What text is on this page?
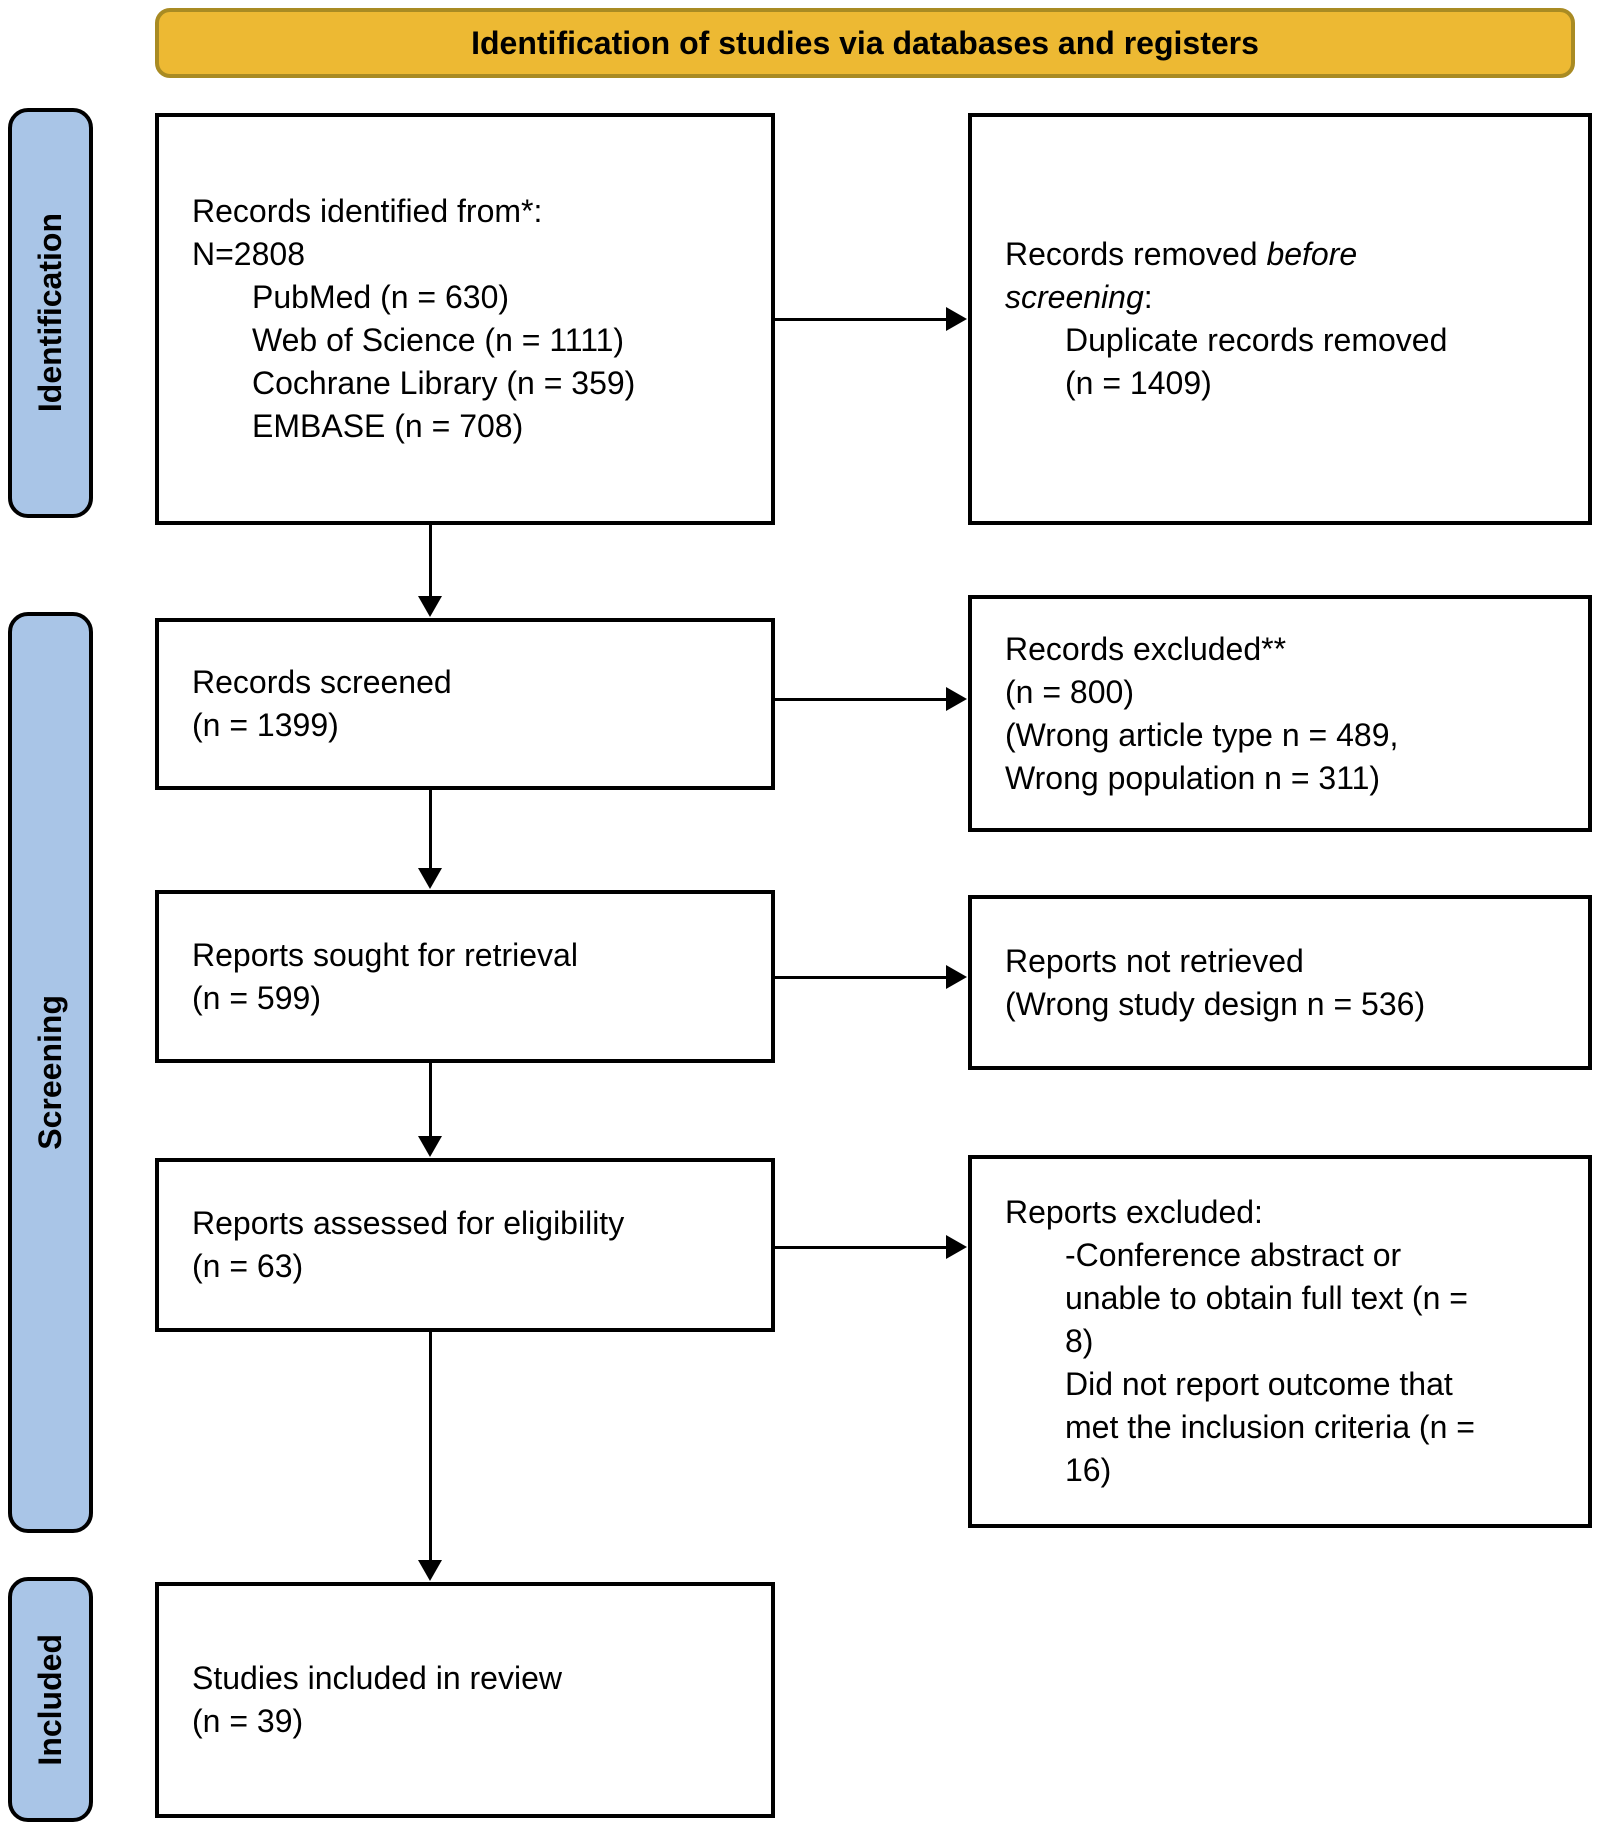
Identification of studies via databases and registers
Identification
Screening
Included
Records identified from*:
N=2808
PubMed (n = 630)
Web of Science (n = 1111)
Cochrane Library (n = 359)
EMBASE (n = 708)
Records screened
(n = 1399)
Reports sought for retrieval
(n = 599)
Reports assessed for eligibility
(n = 63)
Studies included in review
(n = 39)
Records removed before
screening:
Duplicate records removed
(n = 1409)
Records excluded**
(n = 800)
(Wrong article type n = 489,
Wrong population n = 311)
Reports not retrieved
(Wrong study design n = 536)
Reports excluded:
-Conference abstract or
unable to obtain full text (n =
8)
Did not report outcome that
met the inclusion criteria (n =
16)
